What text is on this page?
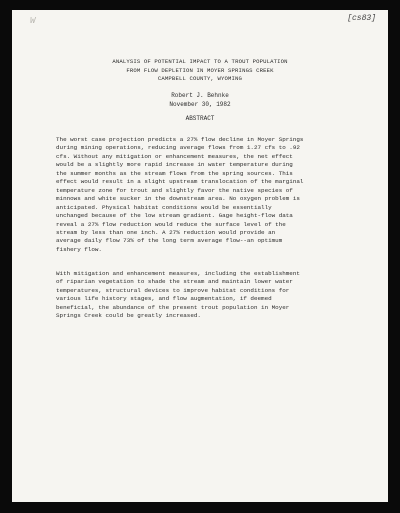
W	[cs83]
ANALYSIS OF POTENTIAL IMPACT TO A TROUT POPULATION
FROM FLOW DEPLETION IN MOYER SPRINGS CREEK
CAMPBELL COUNTY, WYOMING
Robert J. Behnke
November 30, 1982
ABSTRACT
The worst case projection predicts a 27% flow decline in Moyer Springs
during mining operations, reducing average flows from 1.27 cfs to .92
cfs. Without any mitigation or enhancement measures, the net effect
would be a slightly more rapid increase in water temperature during
the summer months as the stream flows from the spring sources. This
effect would result in a slight upstream translocation of the marginal
temperature zone for trout and slightly favor the native species of
minnows and white sucker in the downstream area. No oxygen problem is
anticipated. Physical habitat conditions would be essentially
unchanged because of the low stream gradient. Gage height-flow data
reveal a 27% flow reduction would reduce the surface level of the
stream by less than one inch. A 27% reduction would provide an
average daily flow 73% of the long term average flow--an optimum
fishery flow.
With mitigation and enhancement measures, including the establishment
of riparian vegetation to shade the stream and maintain lower water
temperatures, structural devices to improve habitat conditions for
various life history stages, and flow augmentation, if deemed
beneficial, the abundance of the present trout population in Moyer
Springs Creek could be greatly increased.
